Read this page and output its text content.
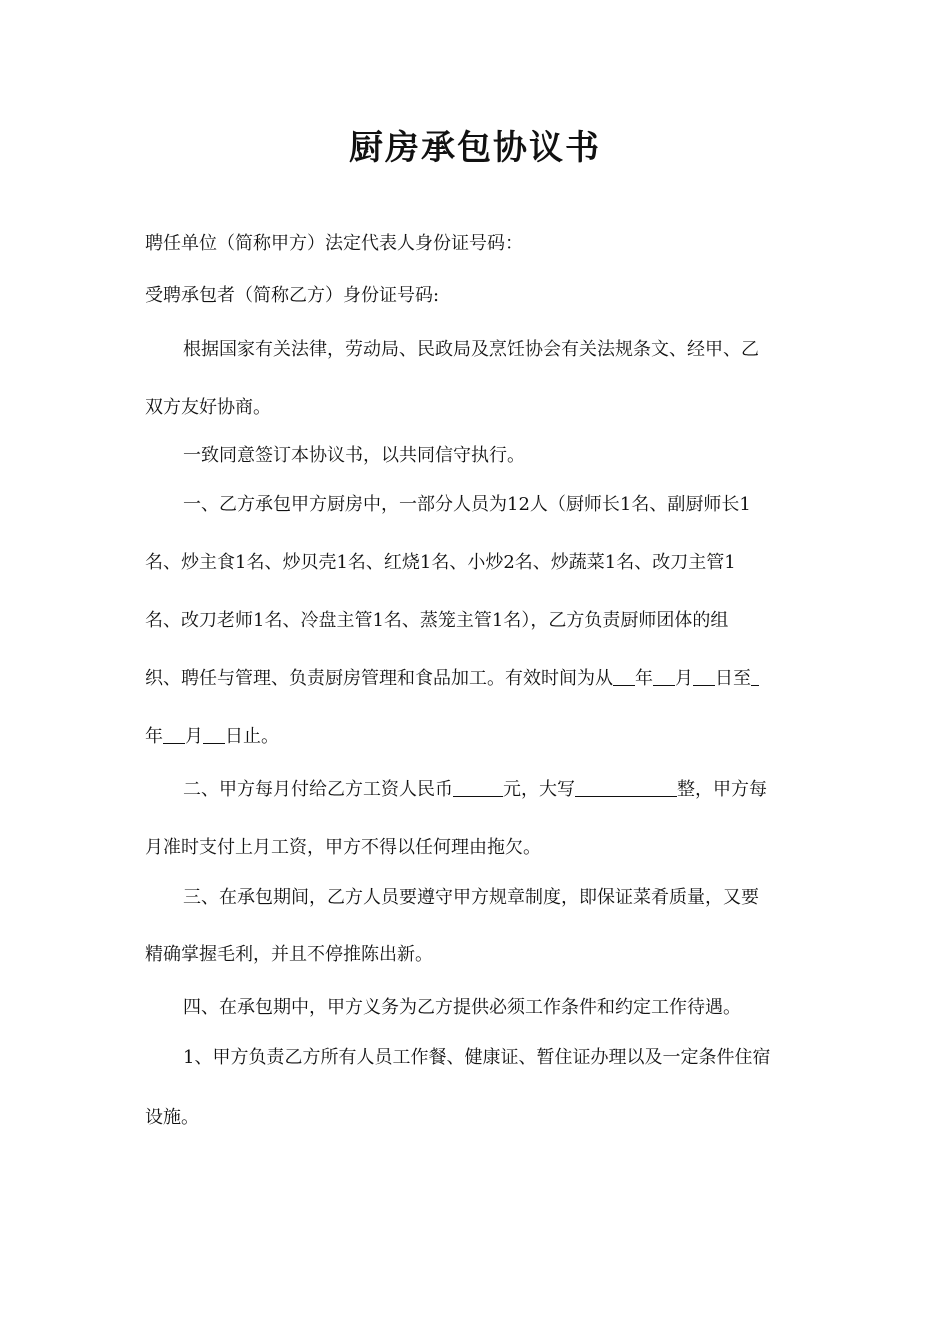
厨房承包协议书
聘任单位（简称甲方）法定代表人身份证号码：
受聘承包者（简称乙方）身份证号码:
根据国家有关法律，劳动局、民政局及烹饪协会有关法规条文、经甲、乙
双方友好协商。
一致同意签订本协议书，以共同信守执行。
一、乙方承包甲方厨房中，一部分人员为12人（厨师长1名、副厨师长1
名、炒主食1名、炒贝壳1名、红烧1名、小炒2名、炒蔬菜1名、改刀主管1
名、改刀老师1名、冷盘主管1名、蒸笼主管1名），乙方负责厨师团体的组
织、聘任与管理、负责厨房管理和食品加工。有效时间为从 年 月 日至
年 月 日止。
二、甲方每月付给乙方工资人民币	元，大写	整，甲方每
月准时支付上月工资，甲方不得以任何理由拖欠。
三、在承包期间，乙方人员要遵守甲方规章制度，即保证菜肴质量，又要
精确掌握毛利，并且不停推陈出新。
四、在承包期中，甲方义务为乙方提供必须工作条件和约定工作待遇。
1、甲方负责乙方所有人员工作餐、健康证、暂住证办理以及一定条件住宿
设施。
